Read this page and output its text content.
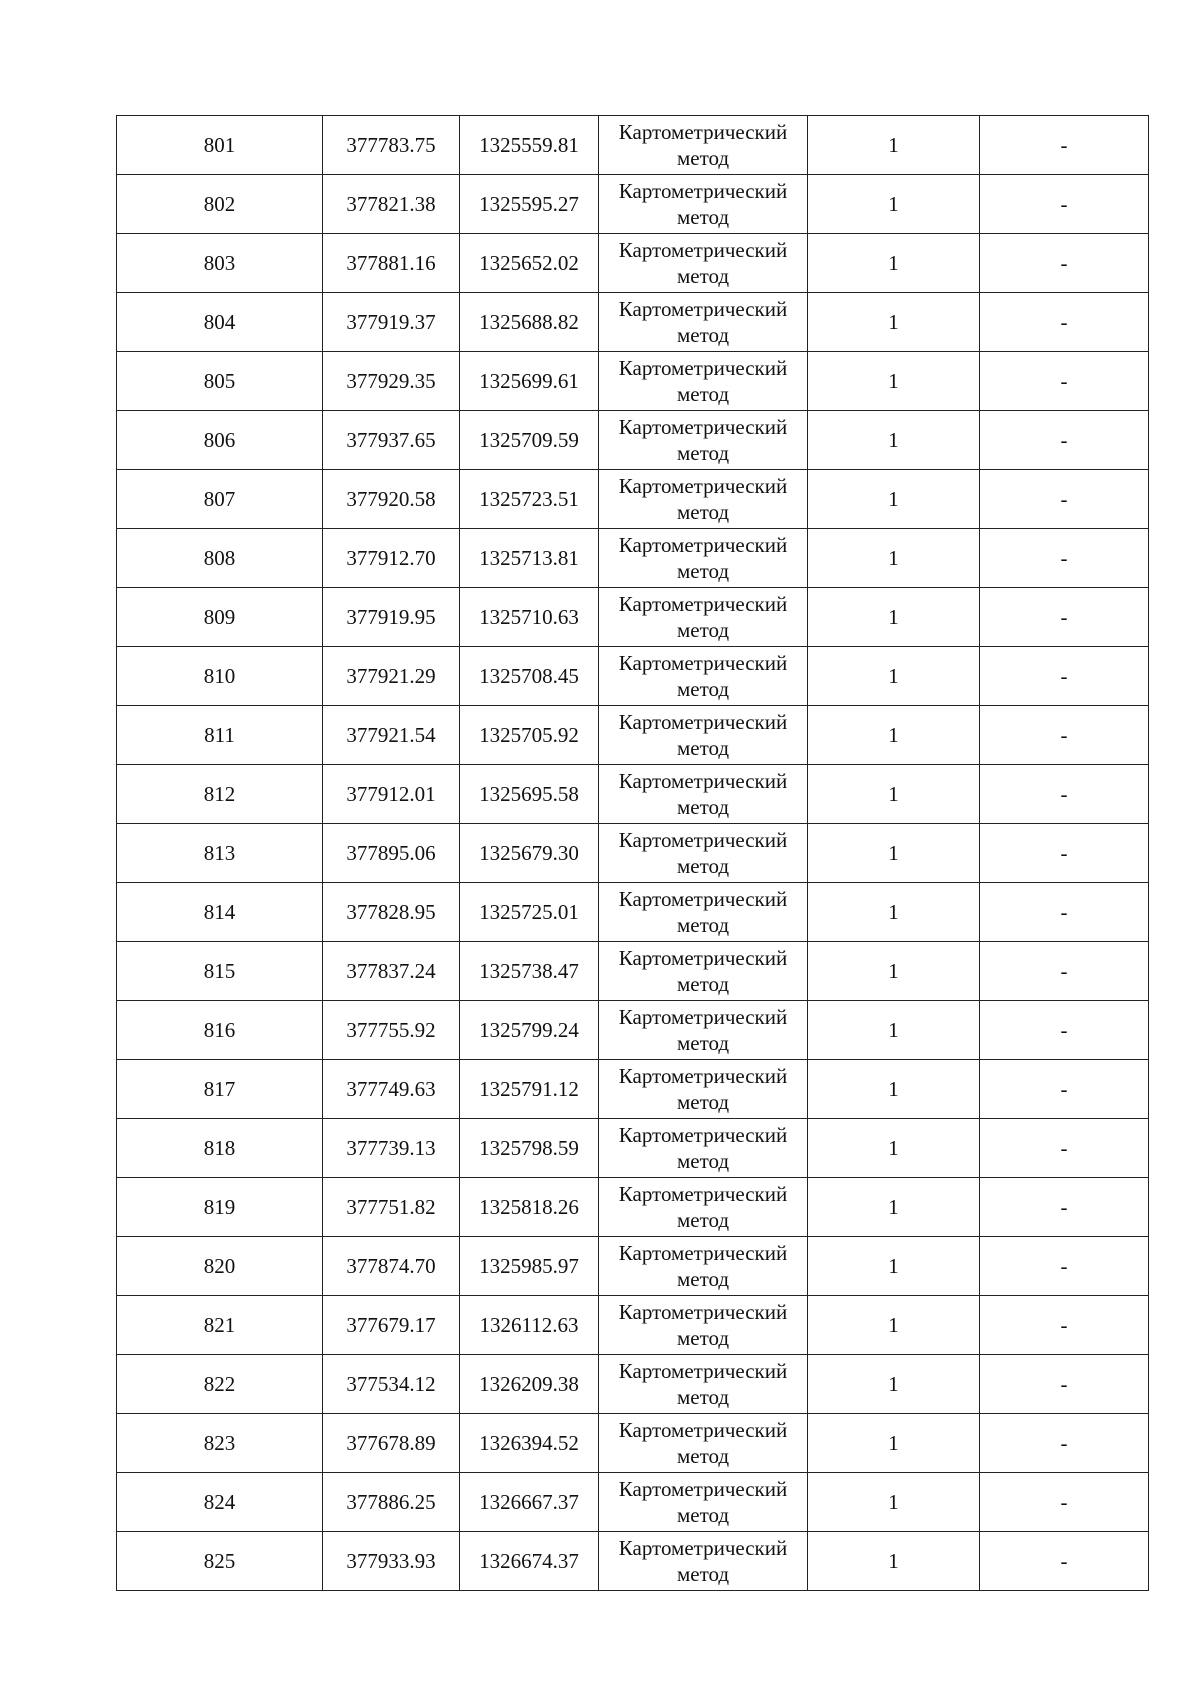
801	377783.75	1325559.81	Картометрический
метод	1	-
802	377821.38	1325595.27	Картометрический
метод	1	-
803	377881.16	1325652.02	Картометрический
метод	1	-
804	377919.37	1325688.82	Картометрический
метод	1	-
805	377929.35	1325699.61	Картометрический
метод	1	-
806	377937.65	1325709.59	Картометрический
метод	1	-
807	377920.58	1325723.51	Картометрический
метод	1	-
808	377912.70	1325713.81	Картометрический
метод	1	-
809	377919.95	1325710.63	Картометрический
метод	1	-
810	377921.29	1325708.45	Картометрический
метод	1	-
811	377921.54	1325705.92	Картометрический
метод	1	-
812	377912.01	1325695.58	Картометрический
метод	1	-
813	377895.06	1325679.30	Картометрический
метод	1	-
814	377828.95	1325725.01	Картометрический
метод	1	-
815	377837.24	1325738.47	Картометрический
метод	1	-
816	377755.92	1325799.24	Картометрический
метод	1	-
817	377749.63	1325791.12	Картометрический
метод	1	-
818	377739.13	1325798.59	Картометрический
метод	1	-
819	377751.82	1325818.26	Картометрический
метод	1	-
820	377874.70	1325985.97	Картометрический
метод	1	-
821	377679.17	1326112.63	Картометрический
метод	1	-
822	377534.12	1326209.38	Картометрический
метод	1	-
823	377678.89	1326394.52	Картометрический
метод	1	-
824	377886.25	1326667.37	Картометрический
метод	1	-
825	377933.93	1326674.37	Картометрический
метод	1	-
